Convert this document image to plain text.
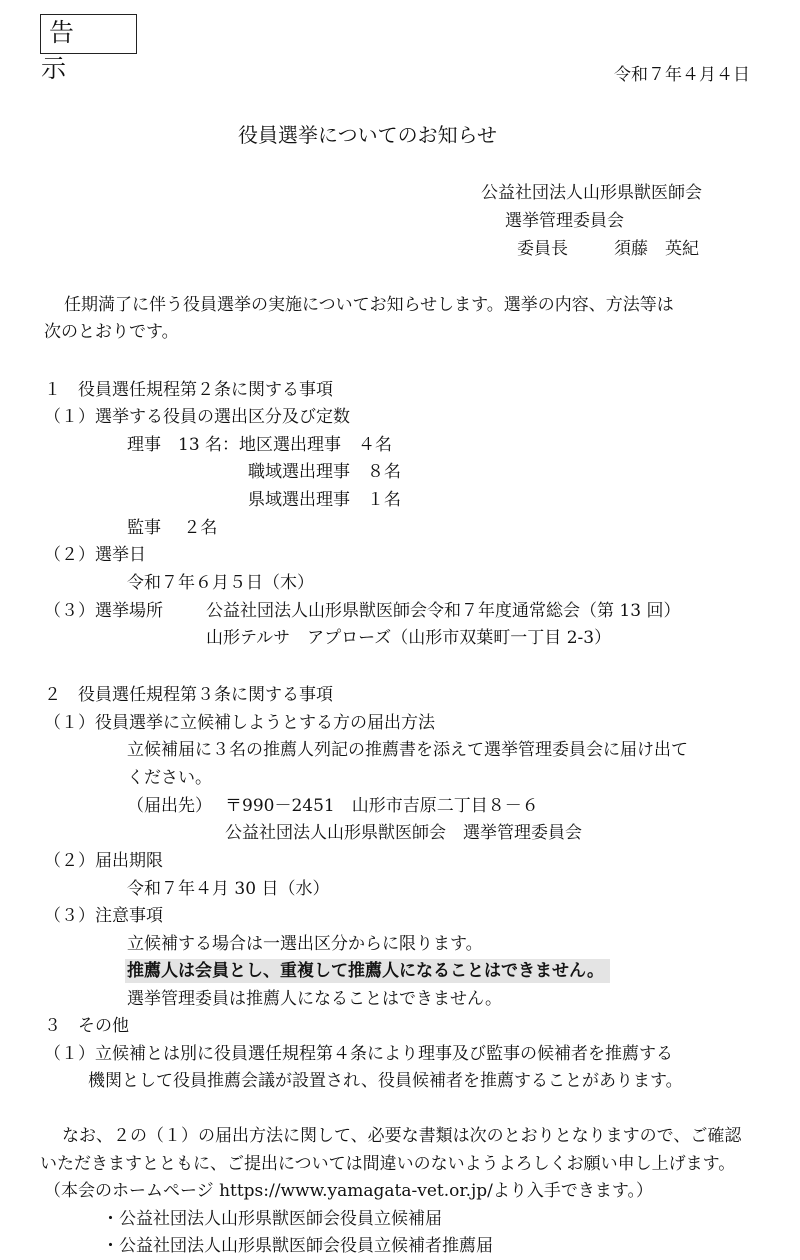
告示	令和７年４月４日
役員選挙についてのお知らせ
公益社団法人山形県獣医師会
選挙管理委員会
委員長	須藤　英紀
任期満了に伴う役員選挙の実施についてお知らせします。選挙の内容、方法等は
次のとおりです。
１　役員選任規程第２条に関する事項
（１）選挙する役員の選出区分及び定数
理事　13 名：地区選出理事　４名
職域選出理事　８名
県域選出理事　１名
監事　 ２名
（２）選挙日
令和７年６月５日（木）
（３）選挙場所	公益社団法人山形県獣医師会令和７年度通常総会（第 13 回）
山形テルサ　アプローズ（山形市双葉町一丁目 2-3）
２　役員選任規程第３条に関する事項
（１）役員選挙に立候補しようとする方の届出方法
立候補届に３名の推薦人列記の推薦書を添えて選挙管理委員会に届け出て
ください。
（届出先） 〒990－2451　山形市吉原二丁目８－６
公益社団法人山形県獣医師会　選挙管理委員会
（２）届出期限
令和７年４月 30 日（水）
（３）注意事項
立候補する場合は一選出区分からに限ります。
推薦人は会員とし、重複して推薦人になることはできません。
選挙管理委員は推薦人になることはできません。
３　その他
（１）立候補とは別に役員選任規程第４条により理事及び監事の候補者を推薦する
機関として役員推薦会議が設置され、役員候補者を推薦することがあります。
なお、２の（１）の届出方法に関して、必要な書類は次のとおりとなりますので、ご確認
いただきますとともに、ご提出については間違いのないようよろしくお願い申し上げます。
（本会のホームページ https://www.yamagata-vet.or.jp/より入手できます。）
・公益社団法人山形県獣医師会役員立候補届
・公益社団法人山形県獣医師会役員立候補者推薦届
